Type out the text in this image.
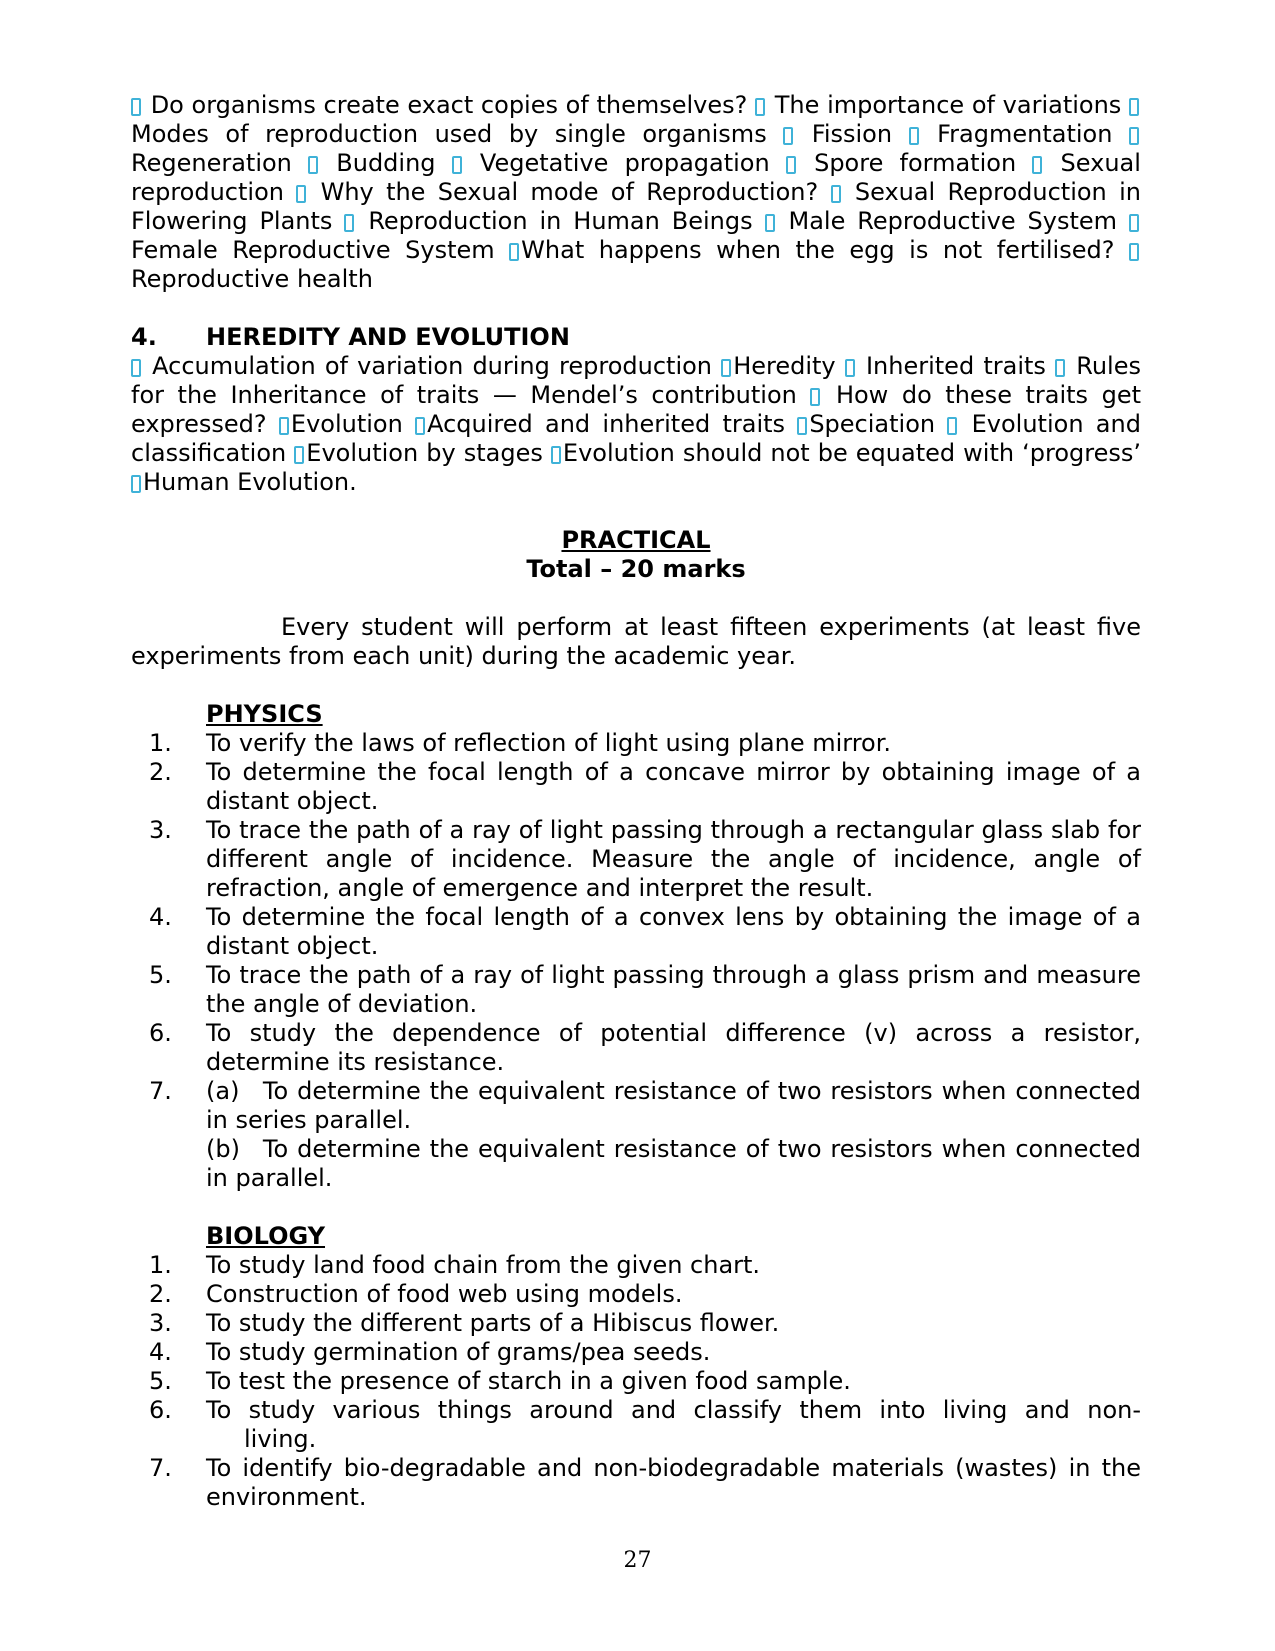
Do organisms create exact copies of themselves? The importance of variations  Modes of reproduction used by single organisms Fission Fragmentation Regeneration Budding Vegetative propagation Spore formation Sexual reproduction Why the Sexual mode of Reproduction? Sexual Reproduction in Flowering Plants Reproduction in Human Beings Male Reproductive System  Female Reproductive System What happens when the egg is not fertilised? Reproductive health

4. HEREDITY AND EVOLUTION

Accumulation of variation during reproduction Heredity Inherited traits Rules for the Inheritance of traits — Mendel’s contribution How do these traits get expressed? Evolution Acquired and inherited traits Speciation Evolution and classification Evolution by stages Evolution should not be equated with ‘progress’ Human Evolution.

PRACTICAL
Total – 20 marks

Every student will perform at least fifteen experiments (at least five experiments from each unit) during the academic year.

PHYSICS
1. To verify the laws of reflection of light using plane mirror.
2. To determine the focal length of a concave mirror by obtaining image of a distant object.
3. To trace the path of a ray of light passing through a rectangular glass slab for different angle of incidence. Measure the angle of incidence, angle of refraction, angle of emergence and interpret the result.
4. To determine the focal length of a convex lens by obtaining the image of a distant object.
5. To trace the path of a ray of light passing through a glass prism and measure the angle of deviation.
6. To study the dependence of potential difference (v) across a resistor, determine its resistance.
7. (a) To determine the equivalent resistance of two resistors when connected in series parallel.
(b) To determine the equivalent resistance of two resistors when connected in parallel.
BIOLOGY
1. To study land food chain from the given chart.
2. Construction of food web using models.
3. To study the different parts of a Hibiscus flower.
4. To study germination of grams/pea seeds.
5. To test the presence of starch in a given food sample.
6. To study various things around and classify them into living and non-
living.
7. To identify bio-degradable and non-biodegradable materials (wastes) in the environment.
27
